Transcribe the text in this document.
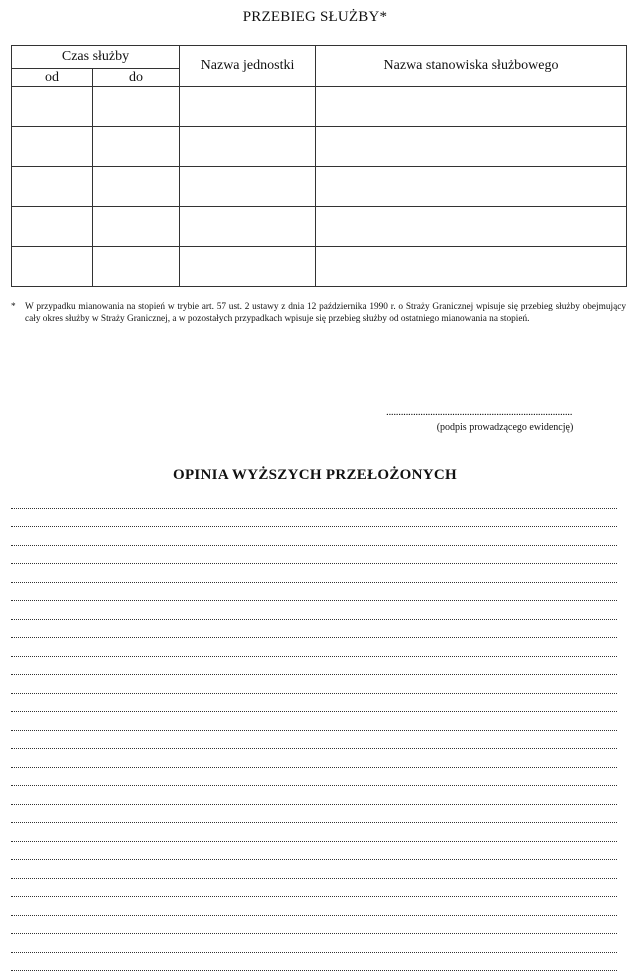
PRZEBIEG SŁUŻBY*
Czas służby		Nazwa jednostki	Nazwa stanowiska służbowego
od	do		

*	W przypadku mianowania na stopień w trybie art. 57 ust. 2 ustawy z dnia 12 października 1990 r. o Straży Granicznej wpisuje się przebieg służby obejmujący cały okres służby w Straży Granicznej, a w pozostałych przypadkach wpisuje się przebieg służby od ostatniego mianowania na stopień.
............................................................................
(podpis prowadzącego ewidencję)
OPINIA WYŻSZYCH PRZEŁOŻONYCH
